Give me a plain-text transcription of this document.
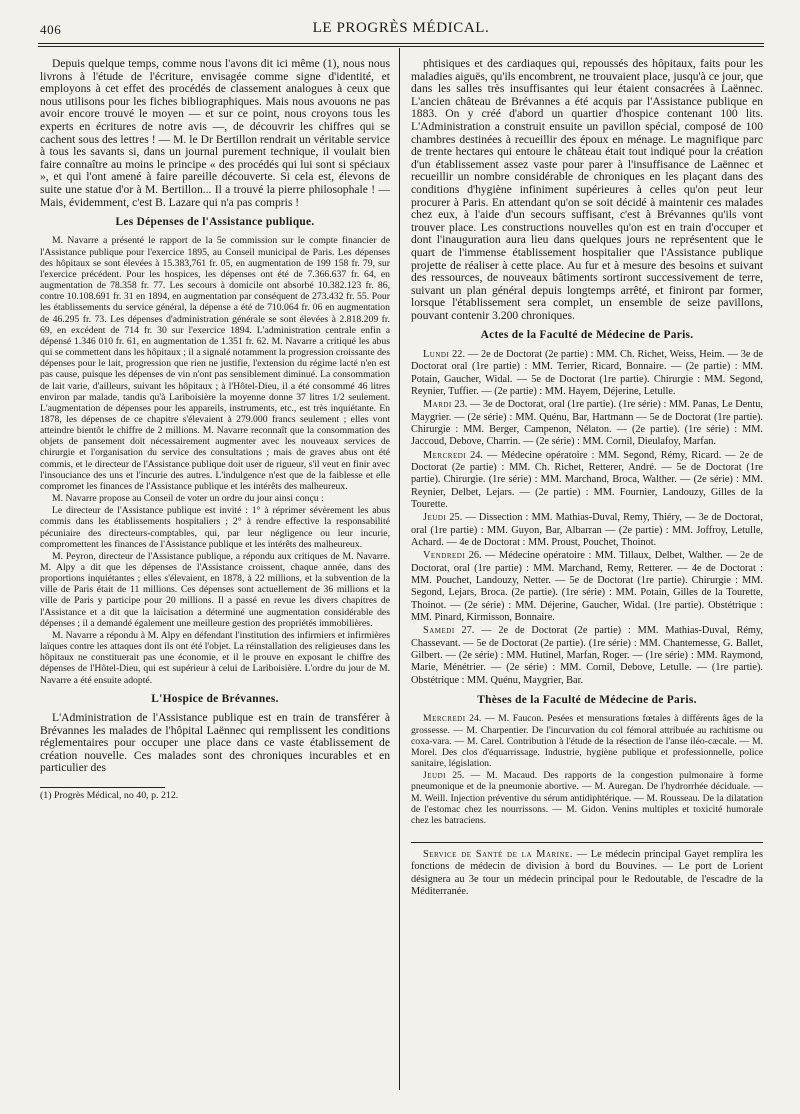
406	LE PROGRÈS MÉDICAL.

Depuis quelque temps, comme nous l'avons dit ici même (1), nous nous livrons à l'étude de l'écriture, envisagée comme signe d'identité, et employons à cet effet des procédés de classement analogues à ceux que nous utilisons pour les fiches bibliographiques. Mais nous avouons ne pas avoir encore trouvé le moyen — et sur ce point, nous croyons tous les experts en écritures de notre avis —, de découvrir les chiffres qui se cachent sous des lettres ! — M. le Dr Bertillon rendrait un véritable service à tous les savants si, dans un journal purement technique, il voulait bien faire connaître au moins le principe « des procédés qui lui sont si spéciaux », et qui l'ont amené à faire pareille découverte. Si cela est, élevons de suite une statue d'or à M. Bertillon... Il a trouvé la pierre philosophale ! —Mais, évidemment, c'est B. Lazare qui n'a pas compris !

Les Dépenses de l'Assistance publique.

M. Navarre a présenté le rapport de la 5e commission sur le compte financier de l'Assistance publique pour l'exercice 1895, au Conseil municipal de Paris. Les dépenses des hôpitaux se sont élevées à 15.383,761 fr. 05, en augmentation de 199 158 fr. 79, sur l'exercice précédent. Pour les hospices, les dépenses ont été de 7.366.637 fr. 64, en augmentation de 78.358 fr. 77. Les secours à domicile ont absorbé 10.382.123 fr. 86, contre 10.108.691 fr. 31 en 1894, en augmentation par conséquent de 273.432 fr. 55. Pour les établissements du service général, la dépense a été de 710.064 fr. 06 en augmentation de 46.295 fr. 73. Les dépenses d'administration générale se sont élevées à 2.818.209 fr. 69, en excédent de 714 fr. 30 sur l'exercice 1894. L'administration centrale enfin a dépensé 1.346 010 fr. 61, en augmentation de 1.351 fr. 62. M. Navarre a critiqué les abus qui se commettent dans les hôpitaux ; il a signalé notamment la progression croissante des dépenses pour le lait, progression que rien ne justifie, l'extension du régime lacté n'en est pas cause, puisque les dépenses de vin n'ont pas sensiblement diminué. La consommation de lait varie, d'ailleurs, suivant les hôpitaux ; à l'Hôtel-Dieu, il a été consommé 46 litres environ par malade, tandis qu'à Lariboisière la moyenne donne 37 litres 1/2 seulement. L'augmentation de dépenses pour les appareils, instruments, etc., est très inquiétante. En 1878, les dépenses de ce chapitre s'élevaient à 279.000 francs seulement ; elles vont atteindre bientôt le chiffre de 2 millions. M. Navarre reconnaît que la consommation des objets de pansement doit nécessairement augmenter avec les nouveaux services de chirurgie et l'organisation du service des consultations ; mais de graves abus ont été commis, et le directeur de l'Assistance publique doit user de rigueur, s'il veut en finir avec l'insouciance des uns et l'incurie des autres. L'indulgence n'est que de la faiblesse et elle compromet les finances de l'Assistance publique et les intérêts des malheureux.

M. Navarre propose au Conseil de voter un ordre du jour ainsi conçu :

Le directeur de l'Assistance publique est invité : 1° à réprimer sévèrement les abus commis dans les établissements hospitaliers ; 2° à rendre effective la responsabilité pécuniaire des directeurs-comptables, qui, par leur négligence ou leur incurie, compromettent les finances de l'Assistance publique et les intérêts des malheureux.

M. Peyron, directeur de l'Assistance publique, a répondu aux critiques de M. Navarre. M. Alpy a dit que les dépenses de l'Assistance croissent, chaque année, dans des proportions inquiétantes ; elles s'élevaient, en 1878, à 22 millions, et la subvention de la ville de Paris était de 11 millions. Ces dépenses sont actuellement de 36 millions et la ville de Paris y participe pour 20 millions. Il a passé en revue les divers chapitres de l'Assistance et a dit que la laïcisation a déterminé une augmentation considérable des dépenses ; il a demandé également une meilleure gestion des propriétés immobilières.

M. Navarre a répondu à M. Alpy en défendant l'institution des infirmiers et infirmières laïques contre les attaques dont ils ont été l'objet. La réinstallation des religieuses dans les hôpitaux ne constituerait pas une économie, et il le prouve en exposant le chiffre des dépenses de l'Hôtel-Dieu, qui est supérieur à celui de Lariboisière. L'ordre du jour de M. Navarre a été ensuite adopté.

L'Hospice de Brévannes.

L'Administration de l'Assistance publique est en train de transférer à Brévannes les malades de l'hôpital Laënnec qui remplissent les conditions réglementaires pour occuper une place dans ce vaste établissement de création nouvelle. Ces malades sont des chroniques incurables et en particulier des

(1) Progrès Médical, no 40, p. 212.

phtisiques et des cardiaques qui, repoussés des hôpitaux, faits pour les maladies aiguës, qu'ils encombrent, ne trouvaient place, jusqu'à ce jour, que dans les salles très insuffisantes qui leur étaient consacrées à Laënnec. L'ancien château de Brévannes a été acquis par l'Assistance publique en 1883. On y créé d'abord un quartier d'hospice contenant 100 lits. L'Administration a construit ensuite un pavillon spécial, composé de 100 chambres destinées à recueillir des époux en ménage. Le magnifique parc de trente hectares qui entoure le château était tout indiqué pour la création d'un établissement assez vaste pour parer à l'insuffisance de Laënnec et recueillir un nombre considérable de chroniques en les plaçant dans des conditions d'hygiène infiniment supérieures à celles qu'on peut leur procurer à Paris. En attendant qu'on se soit décidé à maintenir ces malades chez eux, à l'aide d'un secours suffisant, c'est à Brévannes qu'ils vont trouver place. Les constructions nouvelles qu'on est en train d'occuper et dont l'inauguration aura lieu dans quelques jours ne représentent que le quart de l'immense établissement hospitalier que l'Assistance publique projette de réaliser à cette place. Au fur et à mesure des besoins et suivant des ressources, de nouveaux bâtiments sortiront successivement de terre, suivant un plan général depuis longtemps arrêté, et finiront par former, lorsque l'établissement sera complet, un ensemble de seize pavillons, pouvant contenir 3.200 chroniques.

Actes de la Faculté de Médecine de Paris.

Lundi 22. — 2e de Doctorat (2e partie) : MM. Ch. Richet, Weiss, Heim. — 3e de Doctorat oral (1re partie) : MM. Terrier, Ricard, Bonnaire. — (2e partie) : MM. Potain, Gaucher, Widal. — 5e de Doctorat (1re partie). Chirurgie : MM. Segond, Reynier, Tuffier. — (2e partie) : MM. Hayem, Déjerine, Letulle.

Mardi 23. — 3e de Doctorat, oral (1re partie). (1re série) : MM. Panas, Le Dentu, Maygrier. — (2e série) : MM. Quénu, Bar, Hartmann — 5e de Doctorat (1re partie). Chirurgie : MM. Berger, Campenon, Nélaton. — (2e partie). (1re série) : MM. Jaccoud, Debove, Charrin. — (2e série) : MM. Cornil, Dieulafoy, Marfan.

Mercredi 24. — Médecine opératoire : MM. Segond, Rémy, Ricard. — 2e de Doctorat (2e partie) : MM. Ch. Richet, Retterer, André. — 5e de Doctorat (1re partie). Chirurgie. (1re série) : MM. Marchand, Broca, Walther. — (2e série) : MM. Reynier, Delbet, Lejars. — (2e partie) : MM. Fournier, Landouzy, Gilles de la Tourette.

Jeudi 25. — Dissection : MM. Mathias-Duval, Remy, Thiéry, — 3e de Doctorat, oral (1re partie) : MM. Guyon, Bar, Albarran — (2e partie) : MM. Joffroy, Letulle, Achard. — 4e de Doctorat : MM. Proust, Pouchet, Thoinot.

Vendredi 26. — Médecine opératoire : MM. Tillaux, Delbet, Walther. — 2e de Doctorat, oral (1re partie) : MM. Marchand, Remy, Retterer. — 4e de Doctorat : MM. Pouchet, Landouzy, Netter. — 5e de Doctorat (1re partie). Chirurgie : MM. Segond, Lejars, Broca. (2e partie). (1re série) : MM. Potain, Gilles de la Tourette, Thoinot. — (2e série) : MM. Déjerine, Gaucher, Widal. (1re partie). Obstétrique : MM. Pinard, Kirmisson, Bonnaire.

Samedi 27. — 2e de Doctorat (2e partie) : MM. Mathias-Duval, Rémy, Chassevant. — 5e de Doctorat (2e partie). (1re série) : MM. Chantemesse, G. Ballet, Gilbert. — (2e série) : MM. Hutinel, Marfan, Roger. — (1re série) : MM. Raymond, Marie, Ménétrier. — (2e série) : MM. Cornil, Debove, Letulle. — (1re partie). Obstétrique : MM. Quénu, Maygrier, Bar.

Thèses de la Faculté de Médecine de Paris.

Mercredi 24. — M. Faucon. Pesées et mensurations fœtales à différents âges de la grossesse. — M. Charpentier. De l'incurvation du col fémoral attribuée au rachitisme ou coxa-vara. — M. Carel. Contribution à l'étude de la résection de l'anse iléo-cæcale. — M. Morel. Des clos d'équarrissage. Industrie, hygiène publique et professionnelle, police sanitaire, législation.

Jeudi 25. — M. Macaud. Des rapports de la congestion pulmonaire à forme pneumonique et de la pneumonie abortive. — M. Auregan. De l'hydrorrhée déciduale. — M. Weill. Injection préventive du sérum antidiphtérique. — M. Rousseau. De la dilatation de l'estomac chez les nourrissons. — M. Gidon. Venins multiples et toxicité humorale chez les batraciens.

Service de Santé de la Marine. — Le médecin principal Gayet remplira les fonctions de médecin de division à bord du Bouvines. — Le port de Lorient désignera au 3e tour un médecin principal pour le Redoutable, de l'escadre de la Méditerranée.
